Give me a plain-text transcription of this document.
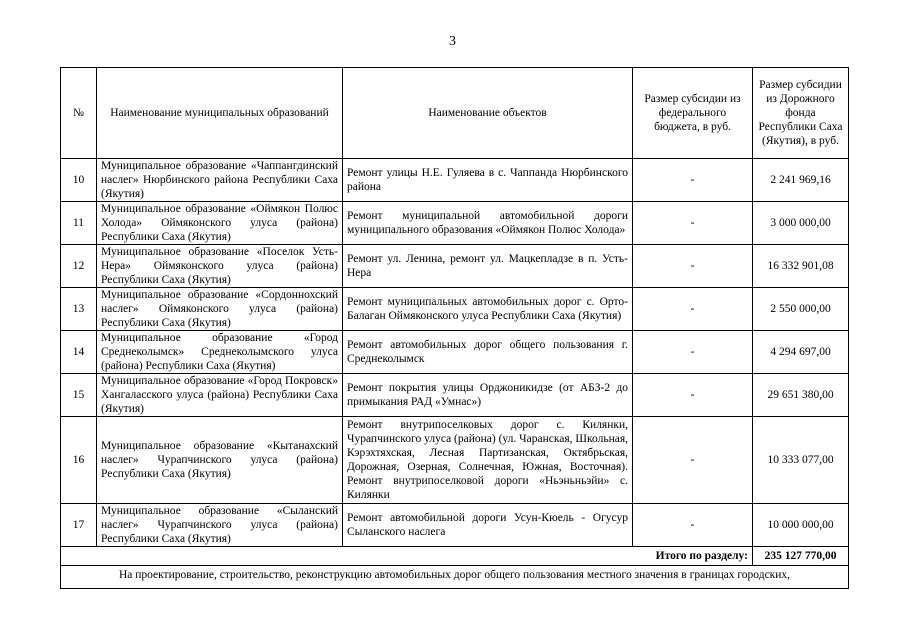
3
№	Наименование муниципальных образований	Наименование объектов	Размер субсидии из федерального бюджета, в руб.	Размер субсидии из Дорожного фонда Республики Саха (Якутия), в руб.
10	Муниципальное образование «Чаппангдинский наслег» Нюрбинского района Республики Саха (Якутия)	Ремонт улицы Н.Е. Гуляева в с. Чаппанда Нюрбинского района	-	2 241 969,16
11	Муниципальное образование «Оймякон Полюс Холода» Оймяконского улуса (района) Республики Саха (Якутия)	Ремонт муниципальной автомобильной дороги муниципального образования «Оймякон Полюс Холода»	-	3 000 000,00
12	Муниципальное образование «Поселок Усть-Нера» Оймяконского улуса (района) Республики Саха (Якутия)	Ремонт ул. Ленина, ремонт ул. Мацкепладзе в п. Усть-Нера	-	16 332 901,08
13	Муниципальное образование «Сордоннохский наслег» Оймяконского улуса (района) Республики Саха (Якутия)	Ремонт муниципальных автомобильных дорог с. Орто-Балаган Оймяконского улуса Республики Саха (Якутия)	-	2 550 000,00
14	Муниципальное образование «Город Среднеколымск» Среднеколымского улуса (района) Республики Саха (Якутия)	Ремонт автомобильных дорог общего пользования г. Среднеколымск	-	4 294 697,00
15	Муниципальное образование «Город Покровск» Хангаласского улуса (района) Республики Саха (Якутия)	Ремонт покрытия улицы Орджоникидзе (от АБЗ-2 до примыкания РАД «Умнас»)	-	29 651 380,00
16	Муниципальное образование «Кытанахский наслег» Чурапчинского улуса (района) Республики Саха (Якутия)	Ремонт внутрипоселковых дорог с. Килянки, Чурапчинского улуса (района) (ул. Чаранская, Школьная, Кэрэхтяхская, Лесная Партизанская, Октябрьская, Дорожная, Озерная, Солнечная, Южная, Восточная). Ремонт внутрипоселковой дороги «Ньэньньэйи» с. Килянки	-	10 333 077,00
17	Муниципальное образование «Сыланский наслег» Чурапчинского улуса (района) Республики Саха (Якутия)	Ремонт автомобильной дороги Усун-Кюель - Огусур Сыланского наслега	-	10 000 000,00
Итого по разделу:				235 127 770,00
На проектирование, строительство, реконструкцию автомобильных дорог общего пользования местного значения в границах городских,				
